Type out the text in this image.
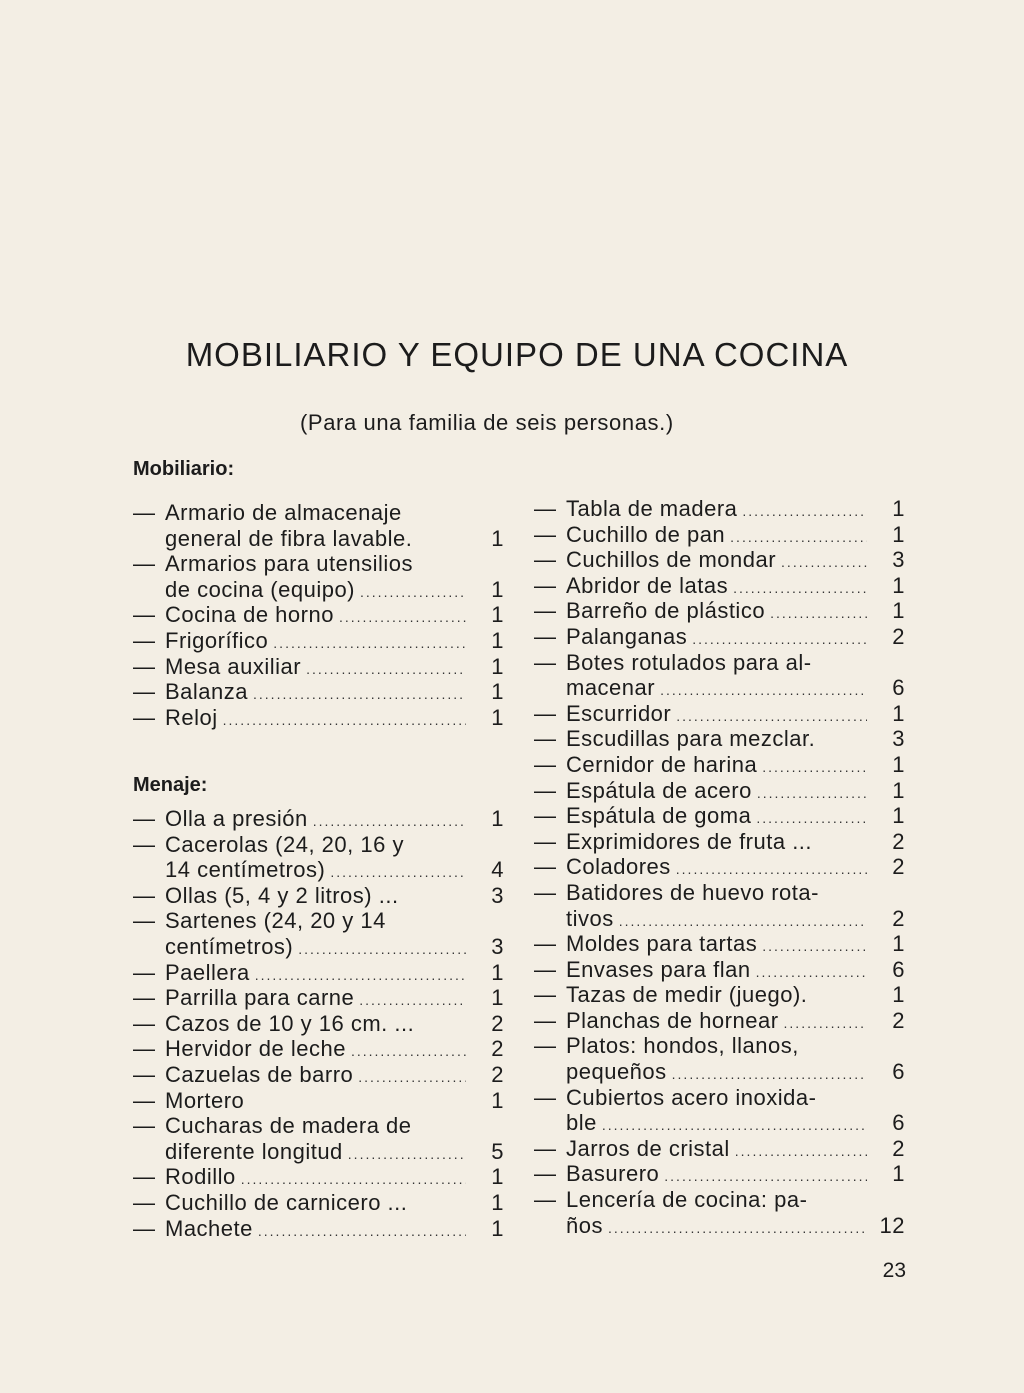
MOBILIARIO Y EQUIPO DE UNA COCINA
(Para una familia de seis personas.)
Mobiliario:
— Armario de almacenaje
general de fibra lavable.	1
— Armarios para utensilios
de cocina (equipo) .....	1
— Cocina de horno .....	1
— Frigorífico .....	1
— Mesa auxiliar .....	1
— Balanza .....	1
— Reloj .....	1
Menaje:
— Olla a presión .....	1
— Cacerolas (24, 20, 16 y
14 centímetros) .....	4
— Ollas (5, 4 y 2 litros) ...	3
— Sartenes (24, 20 y 14
centímetros) .....	3
— Paellera .....	1
— Parrilla para carne .....	1
— Cazos de 10 y 16 cm. ...	2
— Hervidor de leche .....	2
— Cazuelas de barro .....	2
— Mortero	1
— Cucharas de madera de
diferente longitud .....	5
— Rodillo .....	1
— Cuchillo de carnicero ...	1
— Machete .....	1
— Tabla de madera .....	1
— Cuchillo de pan .....	1
— Cuchillos de mondar .....	3
— Abridor de latas .....	1
— Barreño de plástico .....	1
— Palanganas .....	2
— Botes rotulados para al-
macenar .....	6
— Escurridor .....	1
— Escudillas para mezclar.	3
— Cernidor de harina .....	1
— Espátula de acero .....	1
— Espátula de goma .....	1
— Exprimidores de fruta ...	2
— Coladores .....	2
— Batidores de huevo rota-
tivos .....	2
— Moldes para tartas .....	1
— Envases para flan .....	6
— Tazas de medir (juego).	1
— Planchas de hornear .....	2
— Platos: hondos, llanos,
pequeños .....	6
— Cubiertos acero inoxida-
ble .....	6
— Jarros de cristal .....	2
— Basurero .....	1
— Lencería de cocina: pa-
ños .....	12
23
